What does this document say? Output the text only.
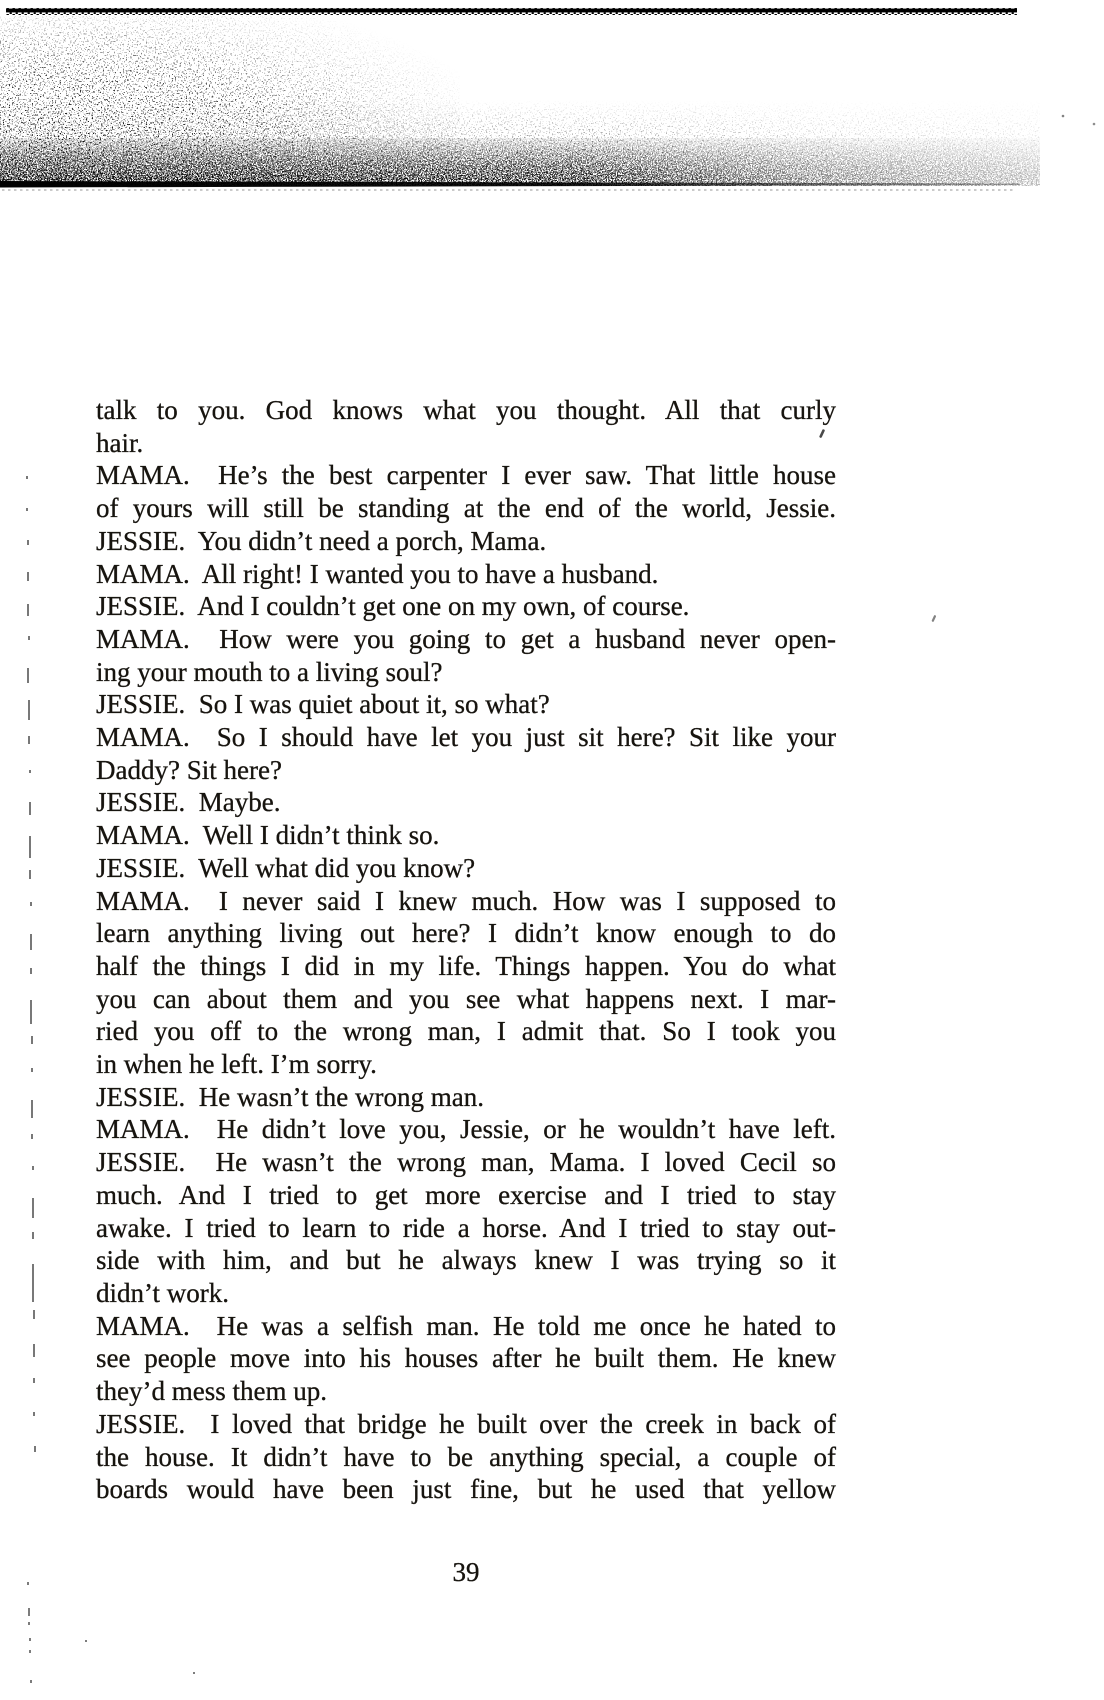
talk to you. God knows what you thought. All that curly

hair.

MAMA.  He’s the best carpenter I ever saw. That little house

of yours will still be standing at the end of the world, Jessie.

JESSIE.  You didn’t need a porch, Mama.

MAMA.  All right! I wanted you to have a husband.

JESSIE.  And I couldn’t get one on my own, of course.

MAMA.  How were you going to get a husband never open-

ing your mouth to a living soul?

JESSIE.  So I was quiet about it, so what?

MAMA.  So I should have let you just sit here? Sit like your

Daddy? Sit here?

JESSIE.  Maybe.

MAMA.  Well I didn’t think so.

JESSIE.  Well what did you know?

MAMA.  I never said I knew much. How was I supposed to

learn anything living out here? I didn’t know enough to do

half the things I did in my life. Things happen. You do what

you can about them and you see what happens next. I mar-

ried you off to the wrong man, I admit that. So I took you

in when he left. I’m sorry.

JESSIE.  He wasn’t the wrong man.

MAMA.  He didn’t love you, Jessie, or he wouldn’t have left.

JESSIE.  He wasn’t the wrong man, Mama. I loved Cecil so

much. And I tried to get more exercise and I tried to stay

awake. I tried to learn to ride a horse. And I tried to stay out-

side with him, and but he always knew I was trying so it

didn’t work.

MAMA.  He was a selfish man. He told me once he hated to

see people move into his houses after he built them. He knew

they’d mess them up.

JESSIE.  I loved that bridge he built over the creek in back of

the house. It didn’t have to be anything special, a couple of

boards would have been just fine, but he used that yellow

39
